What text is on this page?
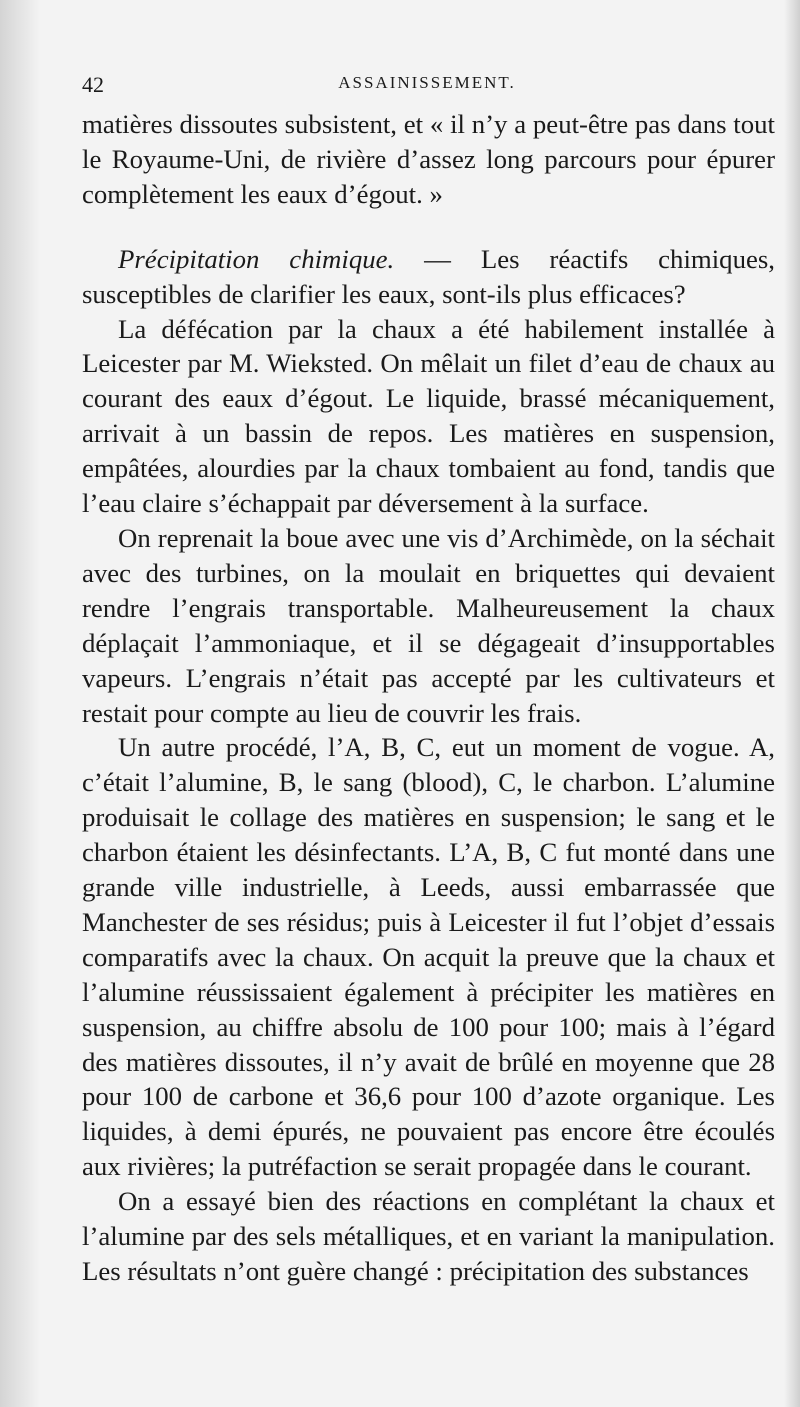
42	ASSAINISSEMENT.

matières dissoutes subsistent, et « il n’y a peut-être pas dans tout le Royaume-Uni, de rivière d’assez long parcours pour épurer complètement les eaux d’égout. »

Précipitation chimique. — Les réactifs chimiques, susceptibles de clarifier les eaux, sont-ils plus efficaces?

La défécation par la chaux a été habilement installée à Leicester par M. Wieksted. On mêlait un filet d’eau de chaux au courant des eaux d’égout. Le liquide, brassé mécaniquement, arrivait à un bassin de repos. Les matières en suspension, empâtées, alourdies par la chaux tombaient au fond, tandis que l’eau claire s’échappait par déversement à la surface.

On reprenait la boue avec une vis d’Archimède, on la séchait avec des turbines, on la moulait en briquettes qui devaient rendre l’engrais transportable. Malheureusement la chaux déplaçait l’ammoniaque, et il se dégageait d’insupportables vapeurs. L’engrais n’était pas accepté par les cultivateurs et restait pour compte au lieu de couvrir les frais.

Un autre procédé, l’A, B, C, eut un moment de vogue. A, c’était l’alumine, B, le sang (blood), C, le charbon. L’alumine produisait le collage des matières en suspension; le sang et le charbon étaient les désinfectants. L’A, B, C fut monté dans une grande ville industrielle, à Leeds, aussi embarrassée que Manchester de ses résidus; puis à Leicester il fut l’objet d’essais comparatifs avec la chaux. On acquit la preuve que la chaux et l’alumine réussissaient également à précipiter les matières en suspension, au chiffre absolu de 100 pour 100; mais à l’égard des matières dissoutes, il n’y avait de brûlé en moyenne que 28 pour 100 de carbone et 36,6 pour 100 d’azote organique. Les liquides, à demi épurés, ne pouvaient pas encore être écoulés aux rivières; la putréfaction se serait propagée dans le courant.

On a essayé bien des réactions en complétant la chaux et l’alumine par des sels métalliques, et en variant la manipulation. Les résultats n’ont guère changé : précipitation des substances
